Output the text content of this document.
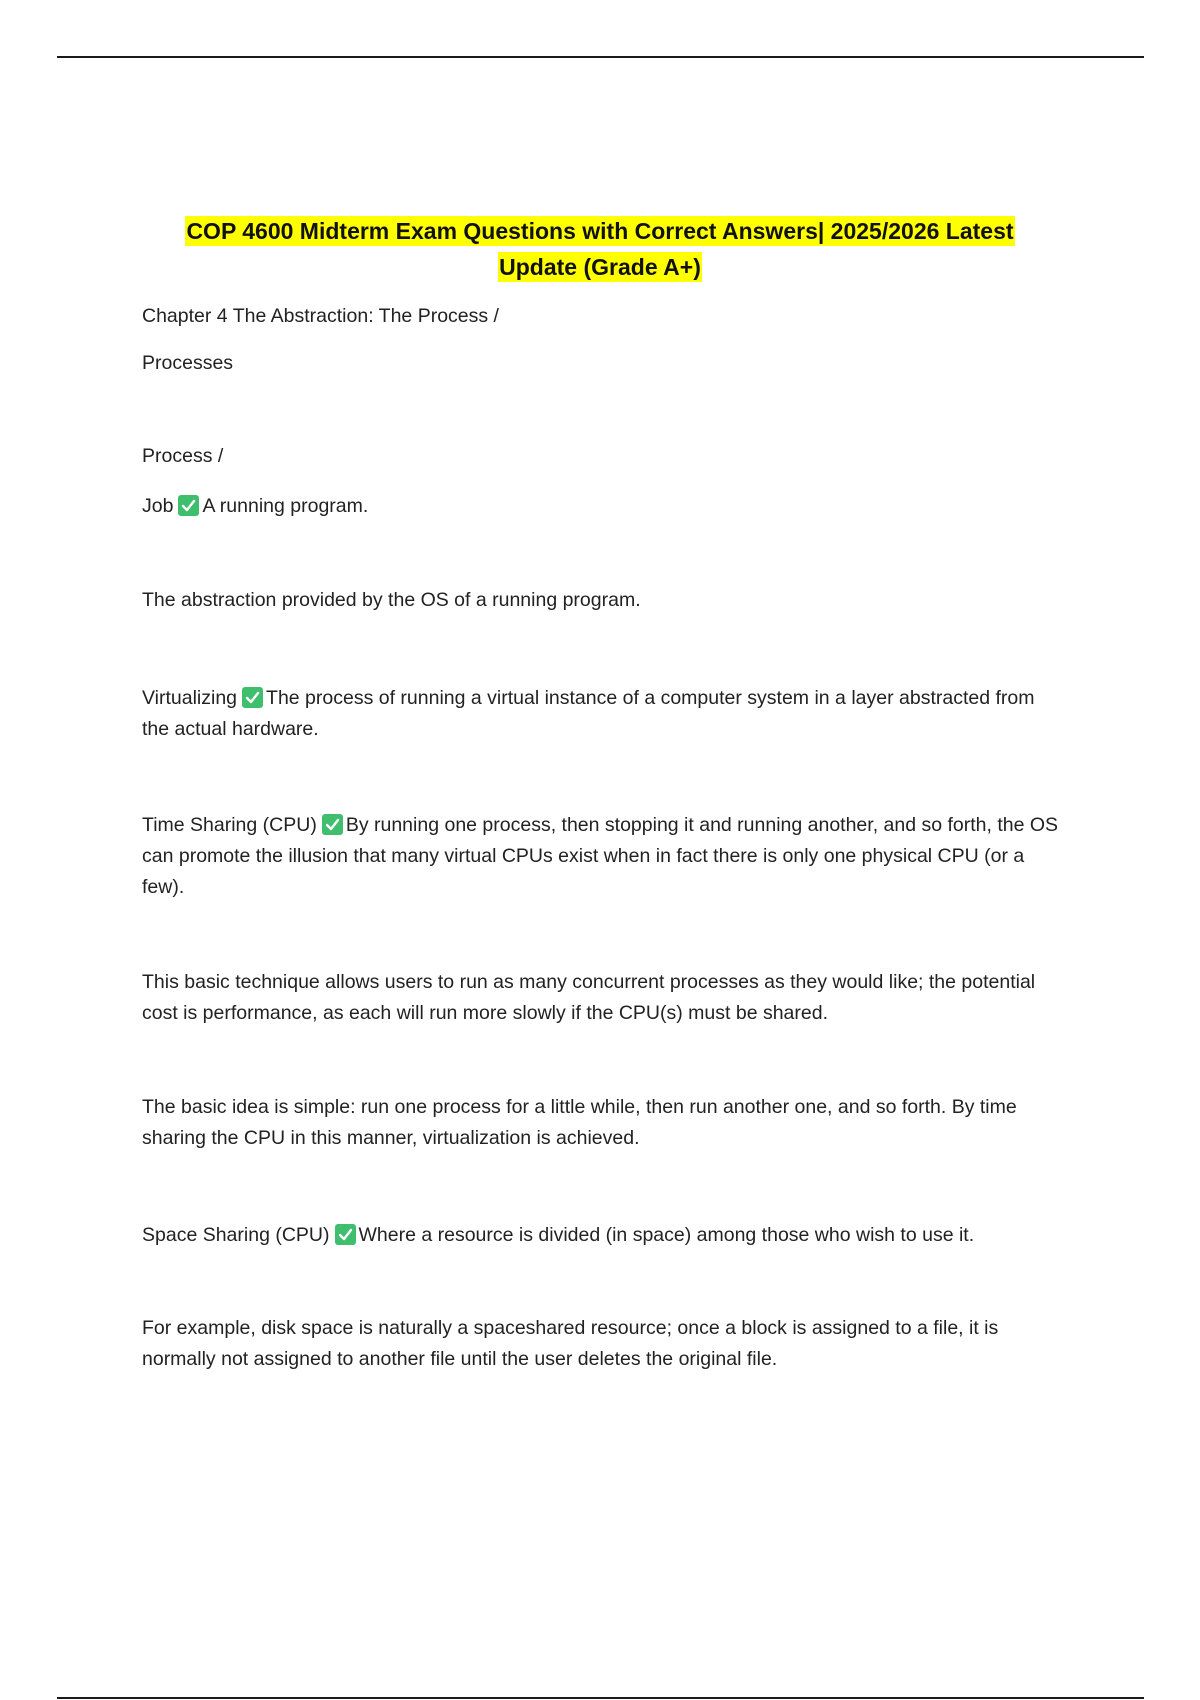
COP 4600 Midterm Exam Questions with Correct Answers| 2025/2026 Latest
Update (Grade A+)
Chapter 4 The Abstraction: The Process /
Processes
Process /
Job A running program.
The abstraction provided by the OS of a running program.
Virtualizing The process of running a virtual instance of a computer system in a layer abstracted from the actual hardware.
Time Sharing (CPU) By running one process, then stopping it and running another, and so forth, the OS can promote the illusion that many virtual CPUs exist when in fact there is only one physical CPU (or a few).
This basic technique allows users to run as many concurrent processes as they would like; the potential cost is performance, as each will run more slowly if the CPU(s) must be shared.
The basic idea is simple: run one process for a little while, then run another one, and so forth. By time sharing the CPU in this manner, virtualization is achieved.
Space Sharing (CPU) Where a resource is divided (in space) among those who wish to use it.
For example, disk space is naturally a spaceshared resource; once a block is assigned to a file, it is normally not assigned to another file until the user deletes the original file.
